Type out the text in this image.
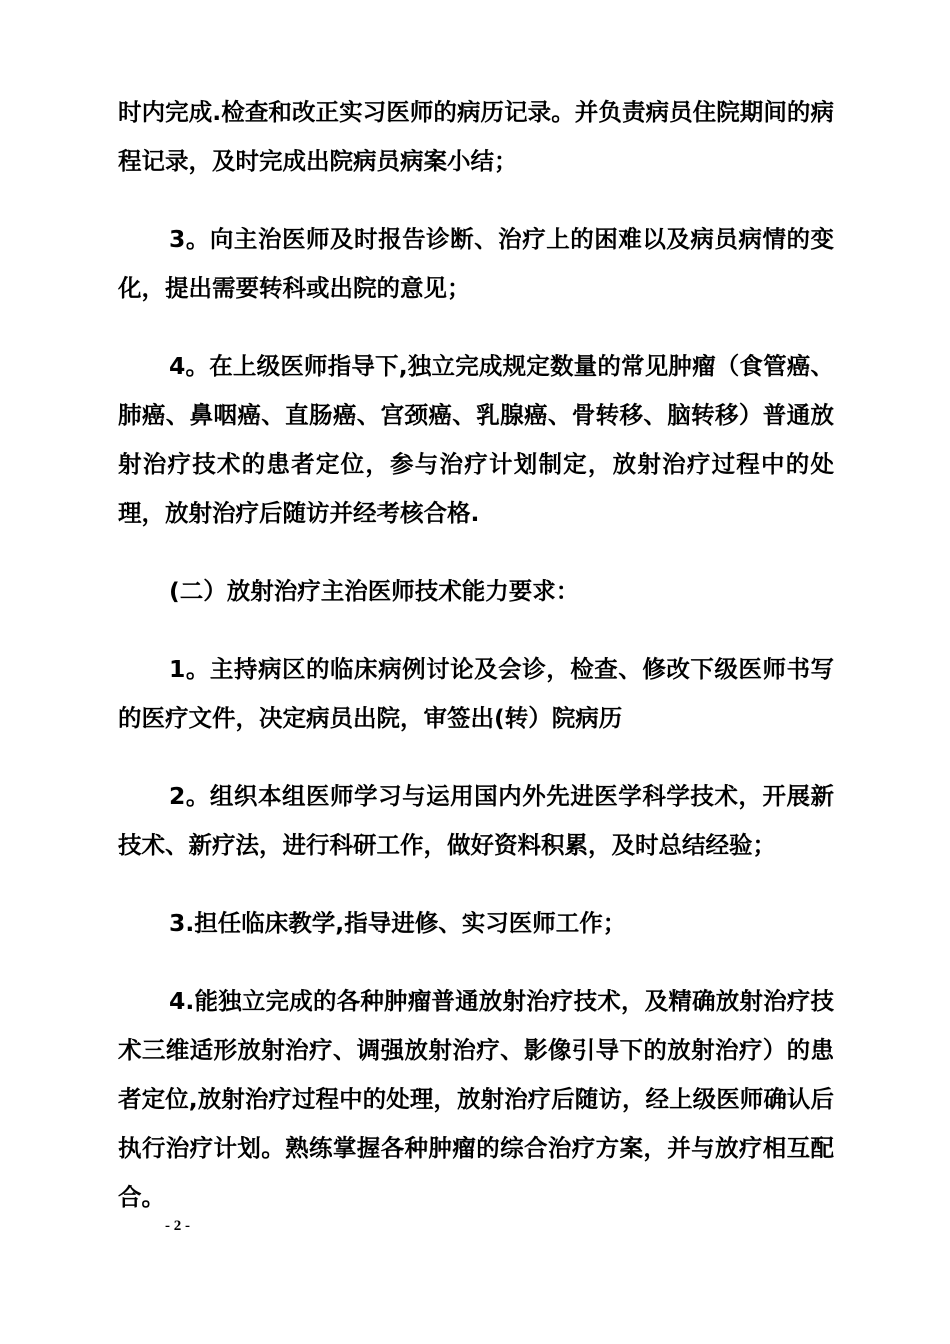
时内完成.检查和改正实习医师的病历记录。并负责病员住院期间的病程记录，及时完成出院病员病案小结；

3。向主治医师及时报告诊断、治疗上的困难以及病员病情的变化，提出需要转科或出院的意见；

4。在上级医师指导下,独立完成规定数量的常见肿瘤（食管癌、肺癌、鼻咽癌、直肠癌、宫颈癌、乳腺癌、骨转移、脑转移）普通放射治疗技术的患者定位，参与治疗计划制定，放射治疗过程中的处理，放射治疗后随访并经考核合格.

(二）放射治疗主治医师技术能力要求：

1。主持病区的临床病例讨论及会诊，检查、修改下级医师书写的医疗文件，决定病员出院，审签出(转）院病历

2。组织本组医师学习与运用国内外先进医学科学技术，开展新技术、新疗法，进行科研工作，做好资料积累，及时总结经验；

3.担任临床教学,指导进修、实习医师工作；

4.能独立完成的各种肿瘤普通放射治疗技术，及精确放射治疗技术三维适形放射治疗、调强放射治疗、影像引导下的放射治疗）的患者定位,放射治疗过程中的处理，放射治疗后随访，经上级医师确认后执行治疗计划。熟练掌握各种肿瘤的综合治疗方案，并与放疗相互配合。

- 2 -
